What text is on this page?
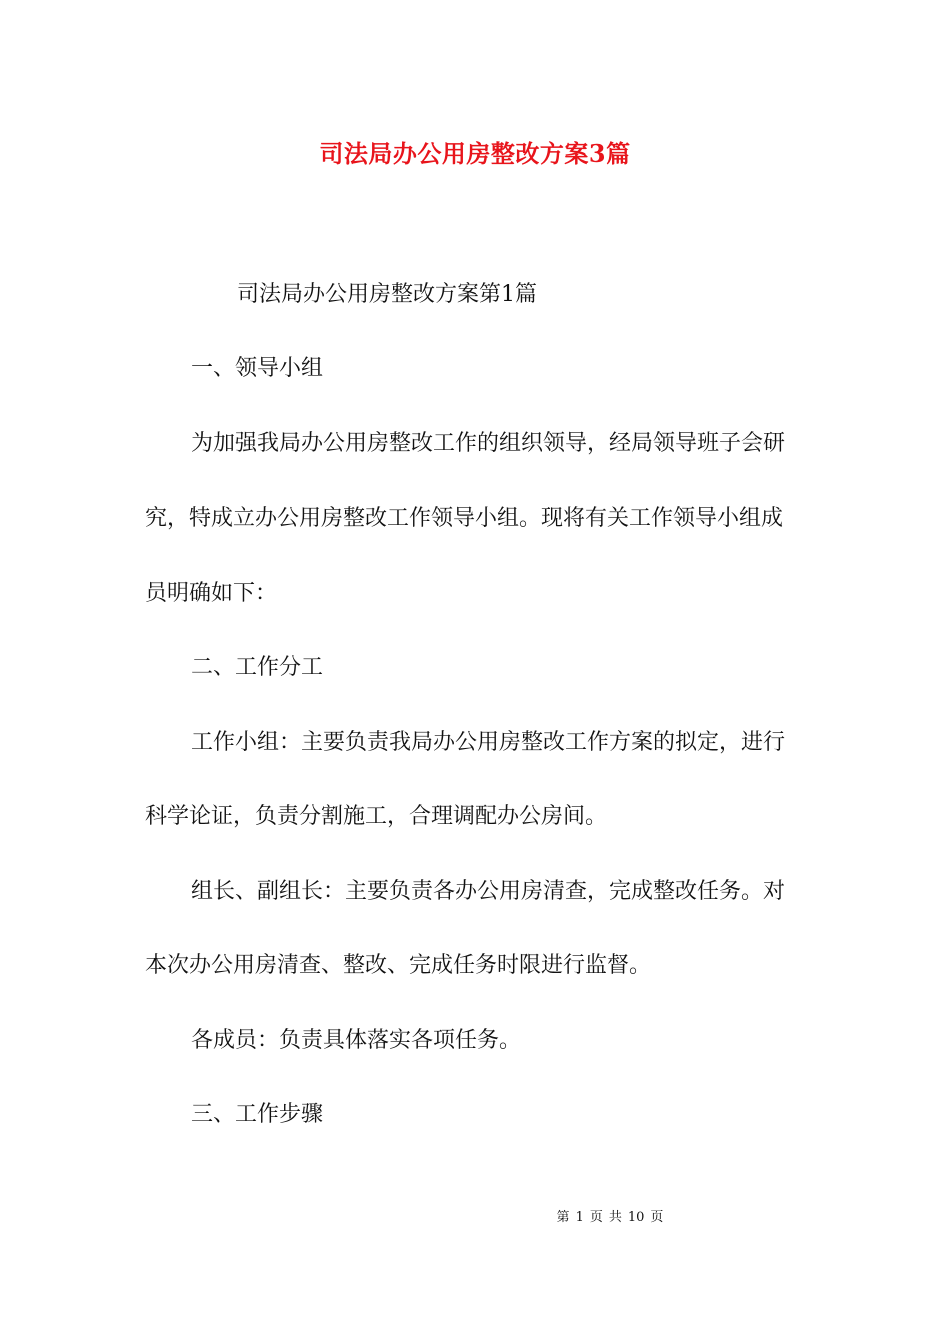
司法局办公用房整改方案3篇
司法局办公用房整改方案第1篇
一、领导小组
为加强我局办公用房整改工作的组织领导，经局领导班子会研
究，特成立办公用房整改工作领导小组。现将有关工作领导小组成
员明确如下：
二、工作分工
工作小组：主要负责我局办公用房整改工作方案的拟定，进行
科学论证，负责分割施工，合理调配办公房间。
组长、副组长：主要负责各办公用房清查，完成整改任务。对
本次办公用房清查、整改、完成任务时限进行监督。
各成员：负责具体落实各项任务。
三、工作步骤
第 1 页 共 10 页
